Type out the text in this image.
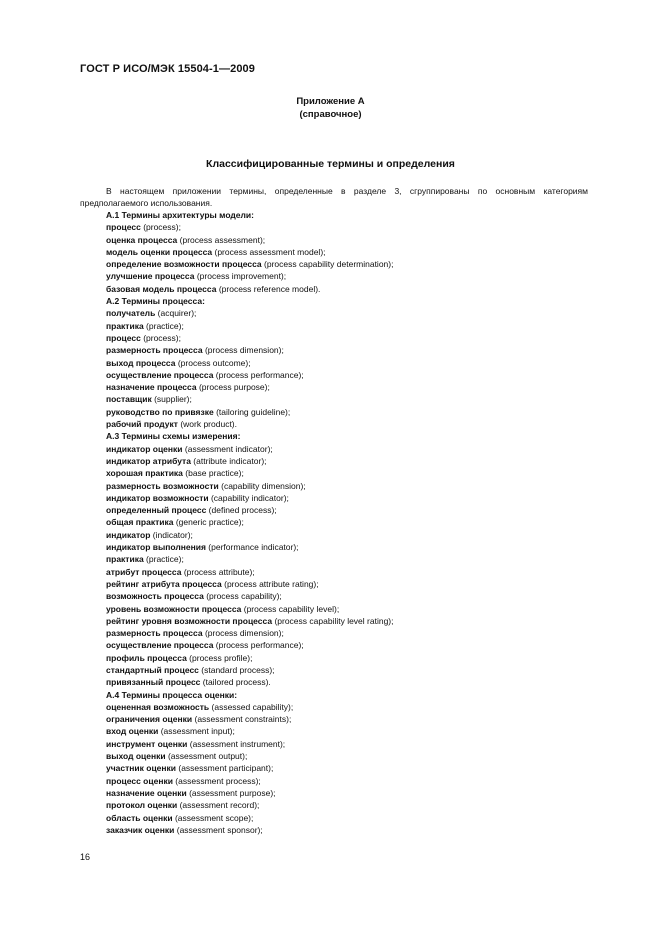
ГОСТ Р ИСО/МЭК 15504-1—2009
Приложение А
(справочное)
Классифицированные термины и определения

В настоящем приложении термины, определенные в разделе 3, сгруппированы по основным категориям предполагаемого использования.

А.1 Термины архитектуры модели:
процесс (process);
оценка процесса (process assessment);
модель оценки процесса (process assessment model);
определение возможности процесса (process capability determination);
улучшение процесса (process improvement);
базовая модель процесса (process reference model).
А.2 Термины процесса:
получатель (acquirer);
практика (practice);
процесс (process);
размерность процесса (process dimension);
выход процесса (process outcome);
осуществление процесса (process performance);
назначение процесса (process purpose);
поставщик (supplier);
руководство по привязке (tailoring guideline);
рабочий продукт (work product).
А.3 Термины схемы измерения:
индикатор оценки (assessment indicator);
индикатор атрибута (attribute indicator);
хорошая практика (base practice);
размерность возможности (capability dimension);
индикатор возможности (capability indicator);
определенный процесс (defined process);
общая практика (generic practice);
индикатор (indicator);
индикатор выполнения (performance indicator);
практика (practice);
атрибут процесса (process attribute);
рейтинг атрибута процесса (process attribute rating);
возможность процесса (process capability);
уровень возможности процесса (process capability level);
рейтинг уровня возможности процесса (process capability level rating);
размерность процесса (process dimension);
осуществление процесса (process performance);
профиль процесса (process profile);
стандартный процесс (standard process);
привязанный процесс (tailored process).
А.4 Термины процесса оценки:
оцененная возможность (assessed capability);
ограничения оценки (assessment constraints);
вход оценки (assessment input);
инструмент оценки (assessment instrument);
выход оценки (assessment output);
участник оценки (assessment participant);
процесс оценки (assessment process);
назначение оценки (assessment purpose);
протокол оценки (assessment record);
область оценки (assessment scope);
заказчик оценки (assessment sponsor);
16
